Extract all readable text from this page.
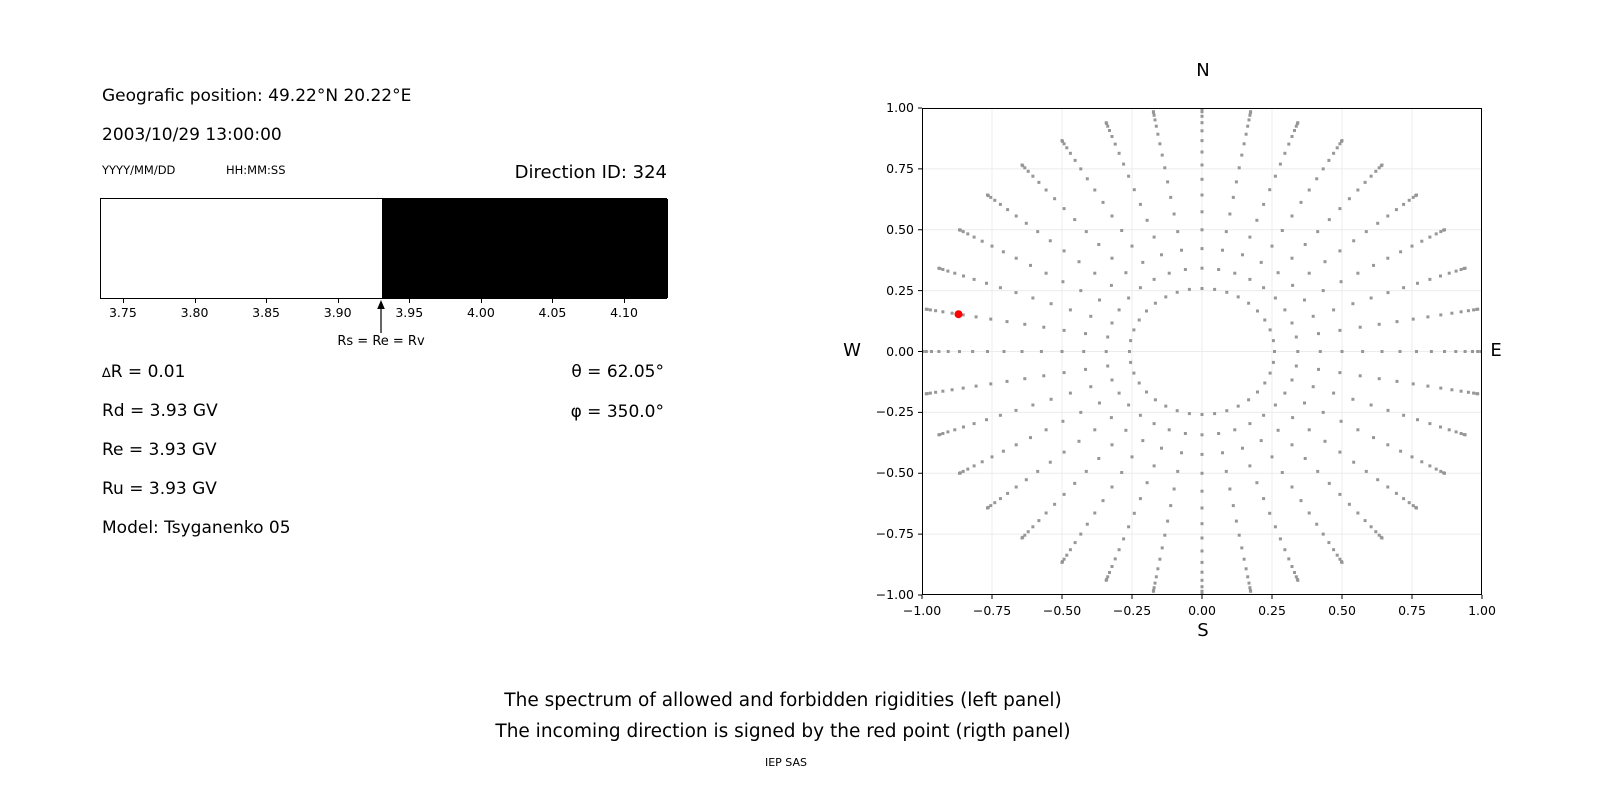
Geografic position: 49.22°N 20.22°E
2003/10/29 13:00:00
YYYY/MM/DD	HH:MM:SS	Direction ID: 324
3.75	3.80	3.85	3.90	3.95	4.00	4.05	4.10
Rs = Re = Rv
∆R = 0.01
Rd = 3.93 GV
Re = 3.93 GV
Ru = 3.93 GV
Model: Tsyganenko 05
θ = 62.05°
φ = 350.0°
−1.00	−0.75	−0.50	−0.25	0.00	0.25	0.50	0.75	1.00
1.00
0.75
0.50
0.25
0.00
−0.25
−0.50
−0.75
−1.00
N
S
W	E
The spectrum of allowed and forbidden rigidities (left panel)
The incoming direction is signed by the red point (rigth panel)
IEP SAS
